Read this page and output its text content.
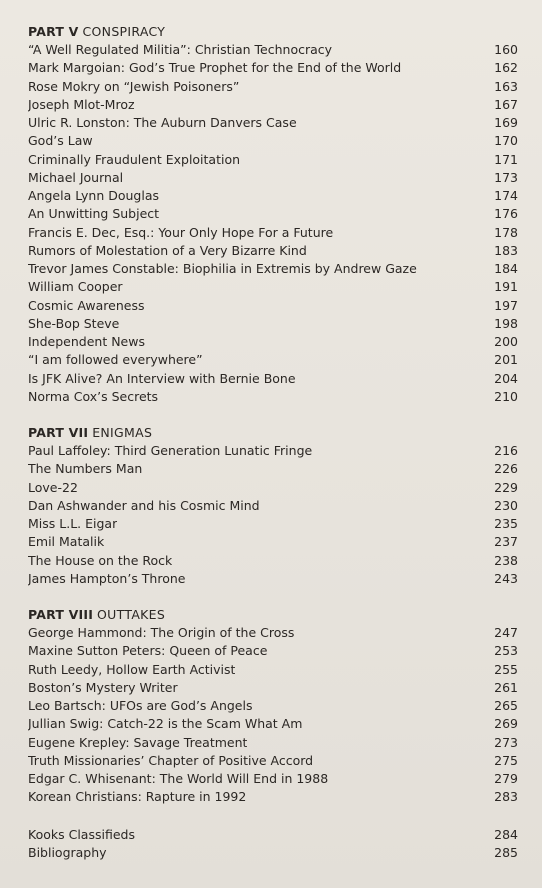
PART V CONSPIRACY
“A Well Regulated Militia”: Christian Technocracy	160
Mark Margoian: God’s True Prophet for the End of the World	162
Rose Mokry on “Jewish Poisoners”	163
Joseph Mlot-Mroz	167
Ulric R. Lonston: The Auburn Danvers Case	169
God’s Law	170
Criminally Fraudulent Exploitation	171
Michael Journal	173
Angela Lynn Douglas	174
An Unwitting Subject	176
Francis E. Dec, Esq.: Your Only Hope For a Future	178
Rumors of Molestation of a Very Bizarre Kind	183
Trevor James Constable: Biophilia in Extremis by Andrew Gaze	184
William Cooper	191
Cosmic Awareness	197
She-Bop Steve	198
Independent News	200
“I am followed everywhere”	201
Is JFK Alive? An Interview with Bernie Bone	204
Norma Cox’s Secrets	210
PART VII ENIGMAS
Paul Laffoley: Third Generation Lunatic Fringe	216
The Numbers Man	226
Love-22	229
Dan Ashwander and his Cosmic Mind	230
Miss L.L. Eigar	235
Emil Matalik	237
The House on the Rock	238
James Hampton’s Throne	243
PART VIII OUTTAKES
George Hammond: The Origin of the Cross	247
Maxine Sutton Peters: Queen of Peace	253
Ruth Leedy, Hollow Earth Activist	255
Boston’s Mystery Writer	261
Leo Bartsch: UFOs are God’s Angels	265
Jullian Swig: Catch-22 is the Scam What Am	269
Eugene Krepley: Savage Treatment	273
Truth Missionaries’ Chapter of Positive Accord	275
Edgar C. Whisenant: The World Will End in 1988	279
Korean Christians: Rapture in 1992	283
Kooks Classifieds	284
Bibliography	285
